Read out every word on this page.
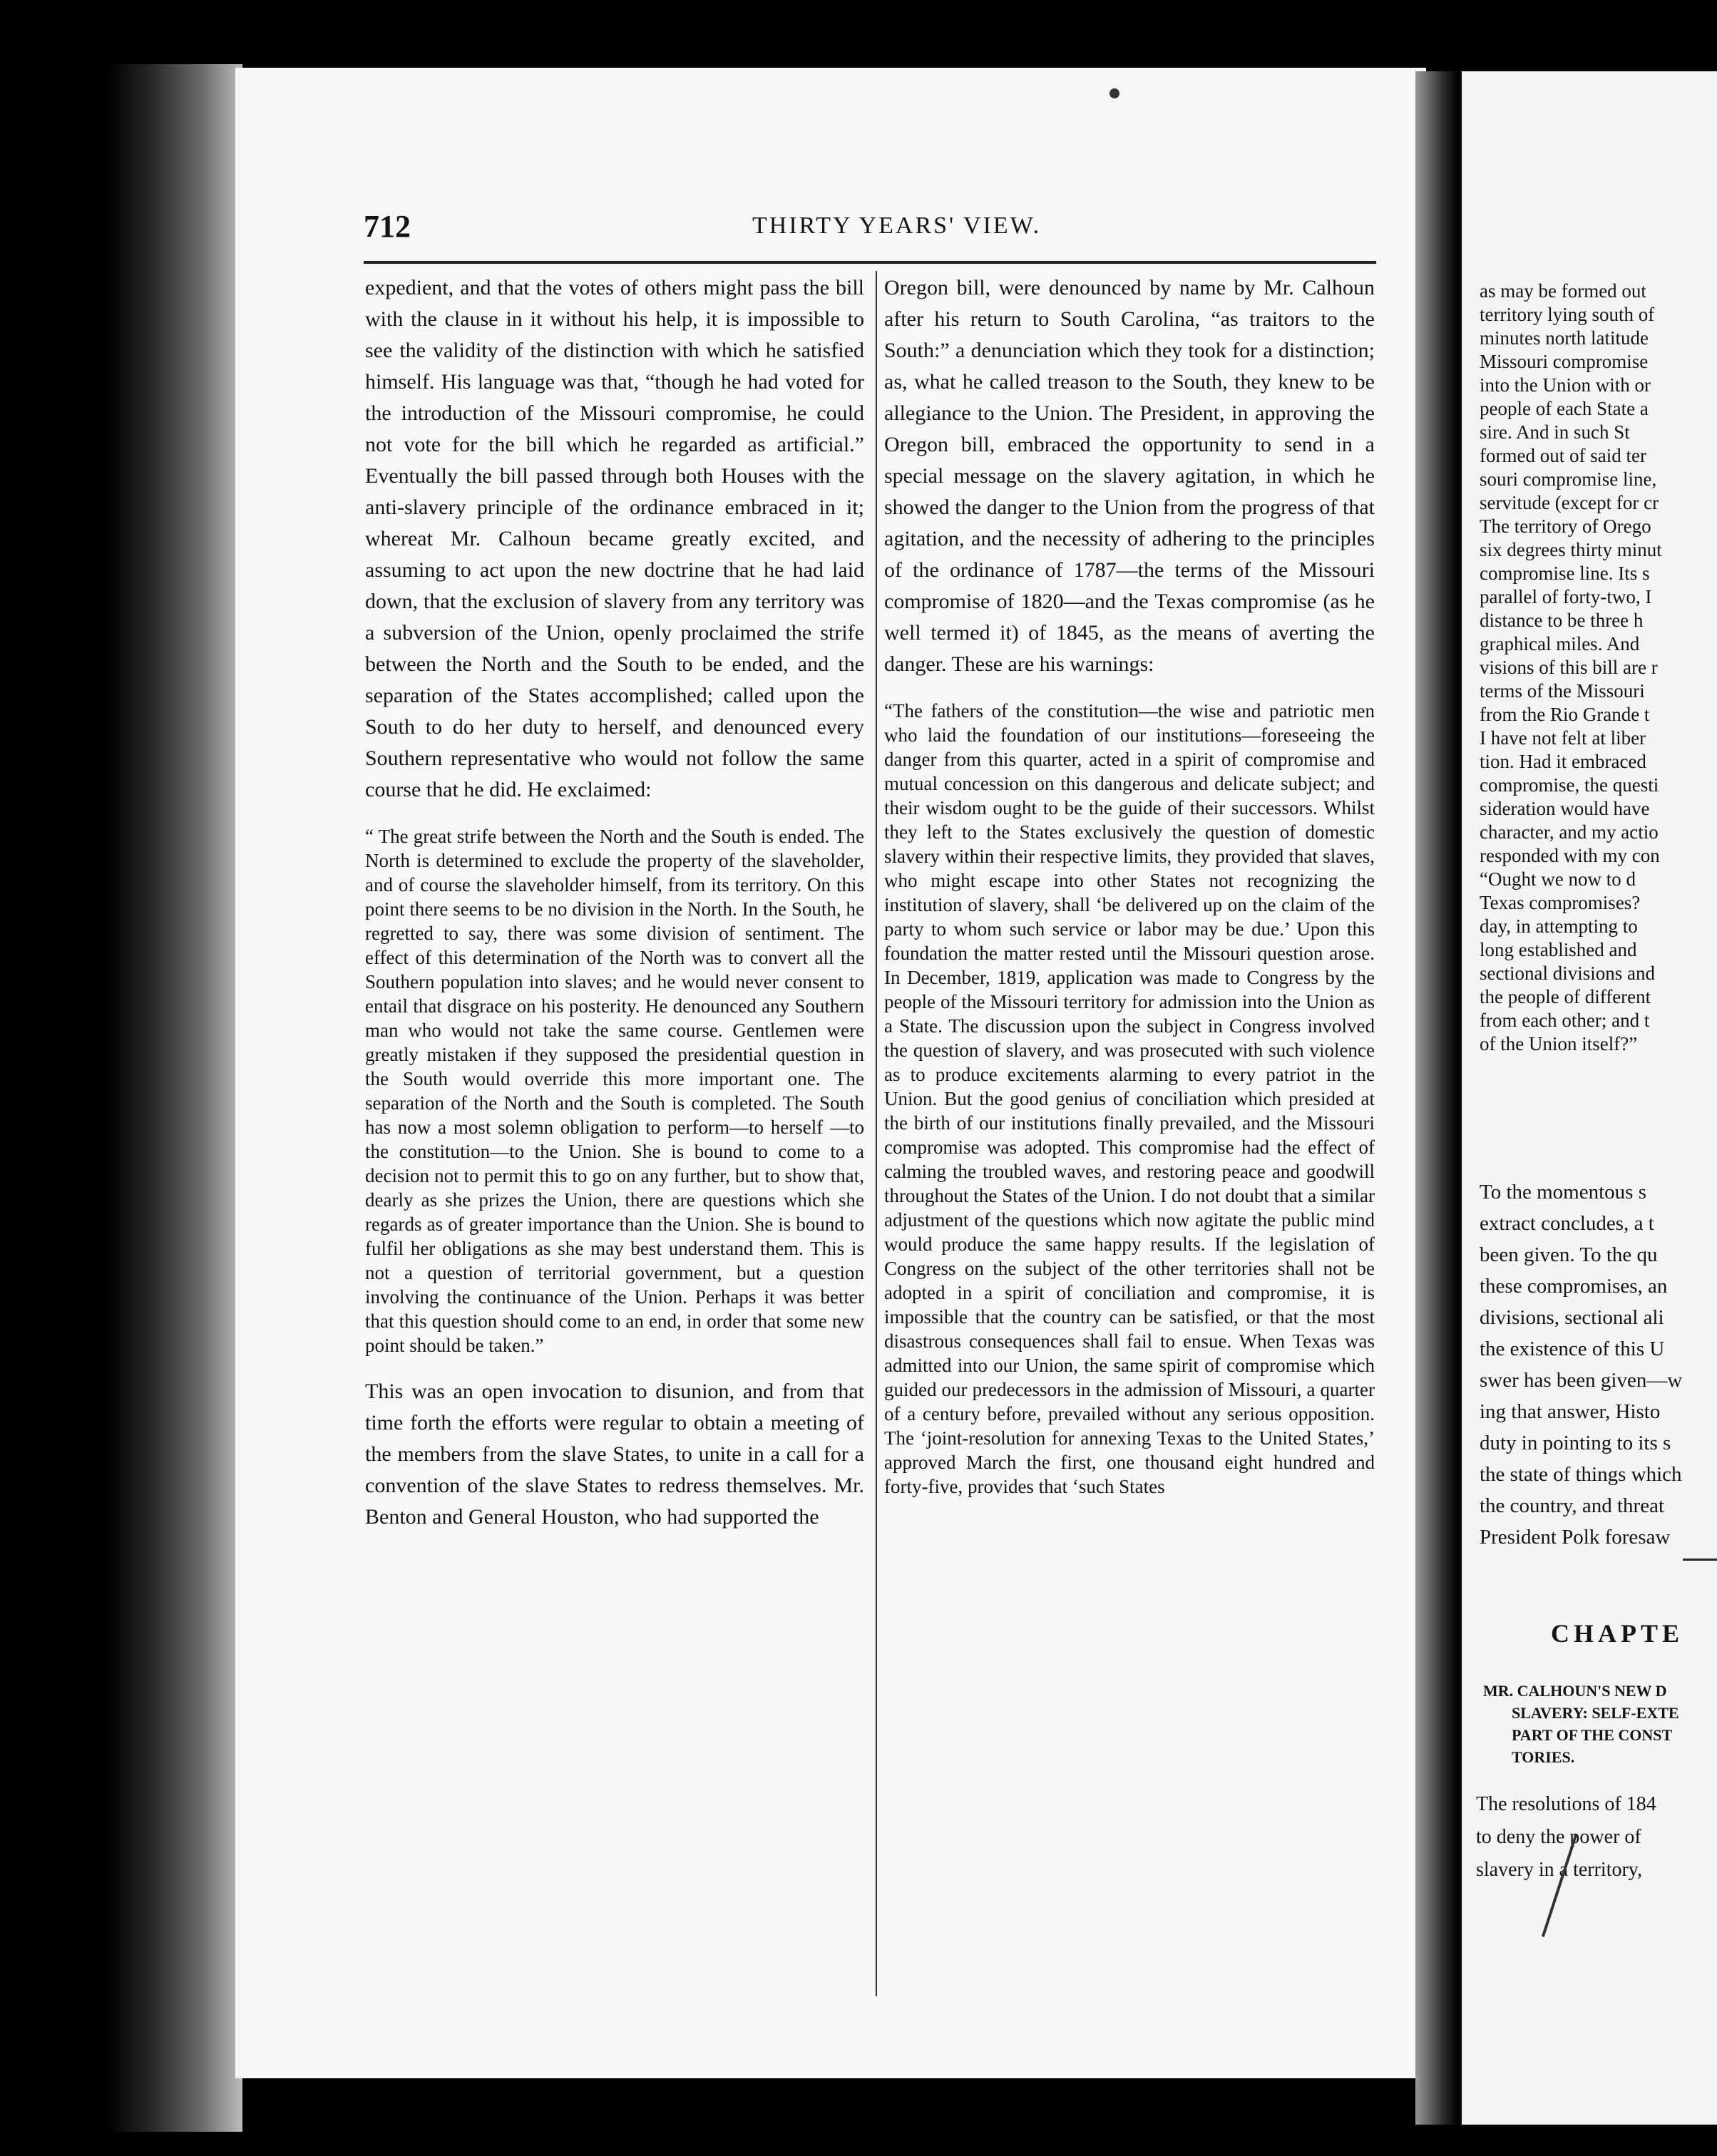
712	THIRTY YEARS' VIEW.

expedient, and that the votes of others might pass the bill with the clause in it without his help, it is impossible to see the validity of the distinction with which he satisfied himself. His language was that, “though he had voted for the introduction of the Missouri compromise, he could not vote for the bill which he regarded as artificial.” Eventually the bill passed through both Houses with the anti-slavery principle of the ordinance embraced in it; whereat Mr. Calhoun became greatly excited, and assuming to act upon the new doctrine that he had laid down, that the exclusion of slavery from any territory was a subversion of the Union, openly proclaimed the strife between the North and the South to be ended, and the separation of the States accomplished; called upon the South to do her duty to herself, and denounced every Southern representative who would not follow the same course that he did. He exclaimed:

“ The great strife between the North and the South is ended. The North is determined to exclude the property of the slaveholder, and of course the slaveholder himself, from its territory. On this point there seems to be no division in the North. In the South, he regretted to say, there was some division of sentiment. The effect of this determination of the North was to convert all the Southern population into slaves; and he would never consent to entail that disgrace on his posterity. He denounced any Southern man who would not take the same course. Gentlemen were greatly mistaken if they supposed the presidential question in the South would override this more important one. The separation of the North and the South is completed. The South has now a most solemn obligation to perform—to herself —to the constitution—to the Union. She is bound to come to a decision not to permit this to go on any further, but to show that, dearly as she prizes the Union, there are questions which she regards as of greater importance than the Union. She is bound to fulfil her obligations as she may best understand them. This is not a question of territorial government, but a question involving the continuance of the Union. Perhaps it was better that this question should come to an end, in order that some new point should be taken.”

This was an open invocation to disunion, and from that time forth the efforts were regular to obtain a meeting of the members from the slave States, to unite in a call for a convention of the slave States to redress themselves. Mr. Benton and General Houston, who had supported the

Oregon bill, were denounced by name by Mr. Calhoun after his return to South Carolina, “as traitors to the South:” a denunciation which they took for a distinction; as, what he called treason to the South, they knew to be allegiance to the Union. The President, in approving the Oregon bill, embraced the opportunity to send in a special message on the slavery agitation, in which he showed the danger to the Union from the progress of that agitation, and the necessity of adhering to the principles of the ordinance of 1787—the terms of the Missouri compromise of 1820—and the Texas compromise (as he well termed it) of 1845, as the means of averting the danger. These are his warnings:

“The fathers of the constitution—the wise and patriotic men who laid the foundation of our institutions—foreseeing the danger from this quarter, acted in a spirit of compromise and mutual concession on this dangerous and delicate subject; and their wisdom ought to be the guide of their successors. Whilst they left to the States exclusively the question of domestic slavery within their respective limits, they provided that slaves, who might escape into other States not recognizing the institution of slavery, shall ‘be delivered up on the claim of the party to whom such service or labor may be due.’ Upon this foundation the matter rested until the Missouri question arose. In December, 1819, application was made to Congress by the people of the Missouri territory for admission into the Union as a State. The discussion upon the subject in Congress involved the question of slavery, and was prosecuted with such violence as to produce excitements alarming to every patriot in the Union. But the good genius of conciliation which presided at the birth of our institutions finally prevailed, and the Missouri compromise was adopted. This compromise had the effect of calming the troubled waves, and restoring peace and goodwill throughout the States of the Union. I do not doubt that a similar adjustment of the questions which now agitate the public mind would produce the same happy results. If the legislation of Congress on the subject of the other territories shall not be adopted in a spirit of conciliation and compromise, it is impossible that the country can be satisfied, or that the most disastrous consequences shall fail to ensue. When Texas was admitted into our Union, the same spirit of compromise which guided our predecessors in the admission of Missouri, a quarter of a century before, prevailed without any serious opposition. The ‘joint-resolution for annexing Texas to the United States,’ approved March the first, one thousand eight hundred and forty-five, provides that ‘such States

as may be formed out
territory lying south of
minutes north latitude
Missouri compromise
into the Union with or
people of each State a
sire. And in such St
formed out of said ter
souri compromise line,
servitude (except for cr
The territory of Orego
six degrees thirty minut
compromise line. Its s
parallel of forty-two, I
distance to be three h
graphical miles. And
visions of this bill are r
terms of the Missouri
from the Rio Grande t
I have not felt at liber
tion. Had it embraced
compromise, the questi
sideration would have
character, and my actio
responded with my con
“Ought we now to d
Texas compromises?
day, in attempting to
long established and
sectional divisions and
the people of different
from each other; and t
of the Union itself?”
To the momentous s
extract concludes, a t
been given. To the qu
these compromises, an
divisions, sectional ali
the existence of this U
swer has been given—w
ing that answer, Histo
duty in pointing to its s
the state of things which
the country, and threat
President Polk foresaw
CHAPTE
MR. CALHOUN'S NEW D
SLAVERY: SELF-EXTE
PART OF THE CONST
TORIES.
The resolutions of 184
to deny the power of
slavery in a territory,
